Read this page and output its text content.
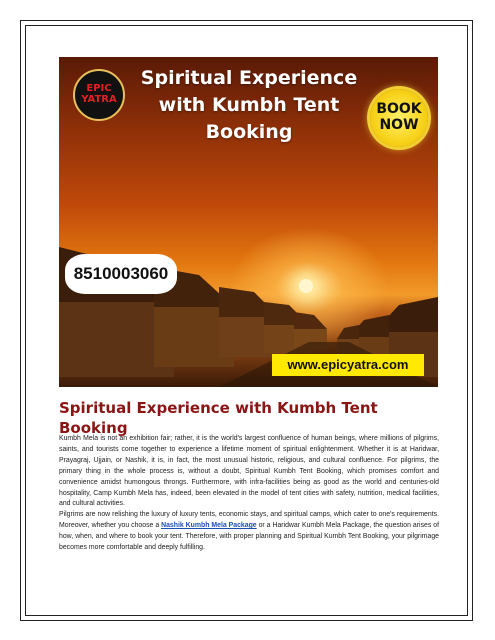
EPIC
YATRA
Spiritual Experience
with Kumbh Tent
Booking
BOOK
NOW
8510003060
www.epicyatra.com
Spiritual Experience with Kumbh Tent Booking

Kumbh Mela is not an exhibition fair; rather, it is the world's largest confluence of human beings, where millions of pilgrims, saints, and tourists come together to experience a lifetime moment of spiritual enlightenment. Whether it is at Haridwar, Prayagraj, Ujjain, or Nashik, it is, in fact, the most unusual historic, religious, and cultural confluence. For pilgrims, the primary thing in the whole process is, without a doubt, Spiritual Kumbh Tent Booking, which promises comfort and convenience amidst humongous throngs. Furthermore, with infra-facilities being as good as the world and centuries-old hospitality, Camp Kumbh Mela has, indeed, been elevated in the model of tent cities with safety, nutrition, medical facilities, and cultural activities.

Pilgrims are now relishing the luxury of luxury tents, economic stays, and spiritual camps, which cater to one's requirements. Moreover, whether you choose a Nashik Kumbh Mela Package or a Haridwar Kumbh Mela Package, the question arises of how, when, and where to book your tent. Therefore, with proper planning and Spiritual Kumbh Tent Booking, your pilgrimage becomes more comfortable and deeply fulfilling.
